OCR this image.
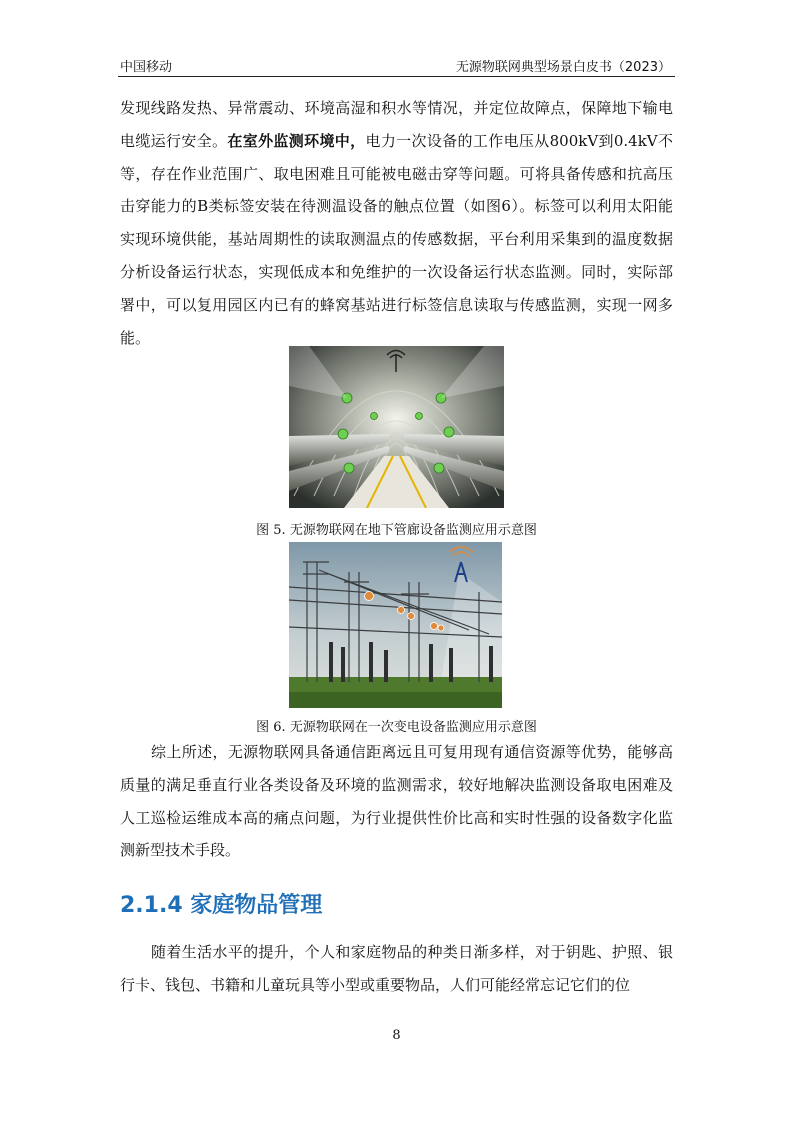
中国移动	无源物联网典型场景白皮书（2023）

发现线路发热、异常震动、环境高湿和积水等情况，并定位故障点，保障地下输电电缆运行安全。在室外监测环境中，电力一次设备的工作电压从800kV到0.4kV不等，存在作业范围广、取电困难且可能被电磁击穿等问题。可将具备传感和抗高压击穿能力的B类标签安装在待测温设备的触点位置（如图6）。标签可以利用太阳能实现环境供能，基站周期性的读取测温点的传感数据，平台利用采集到的温度数据分析设备运行状态，实现低成本和免维护的一次设备运行状态监测。同时，实际部署中，可以复用园区内已有的蜂窝基站进行标签信息读取与传感监测，实现一网多能。

图 5. 无源物联网在地下管廊设备监测应用示意图
图 6. 无源物联网在一次变电设备监测应用示意图

综上所述，无源物联网具备通信距离远且可复用现有通信资源等优势，能够高质量的满足垂直行业各类设备及环境的监测需求，较好地解决监测设备取电困难及人工巡检运维成本高的痛点问题，为行业提供性价比高和实时性强的设备数字化监测新型技术手段。

2.1.4 家庭物品管理

随着生活水平的提升，个人和家庭物品的种类日渐多样，对于钥匙、护照、银行卡、钱包、书籍和儿童玩具等小型或重要物品，人们可能经常忘记它们的位

8
